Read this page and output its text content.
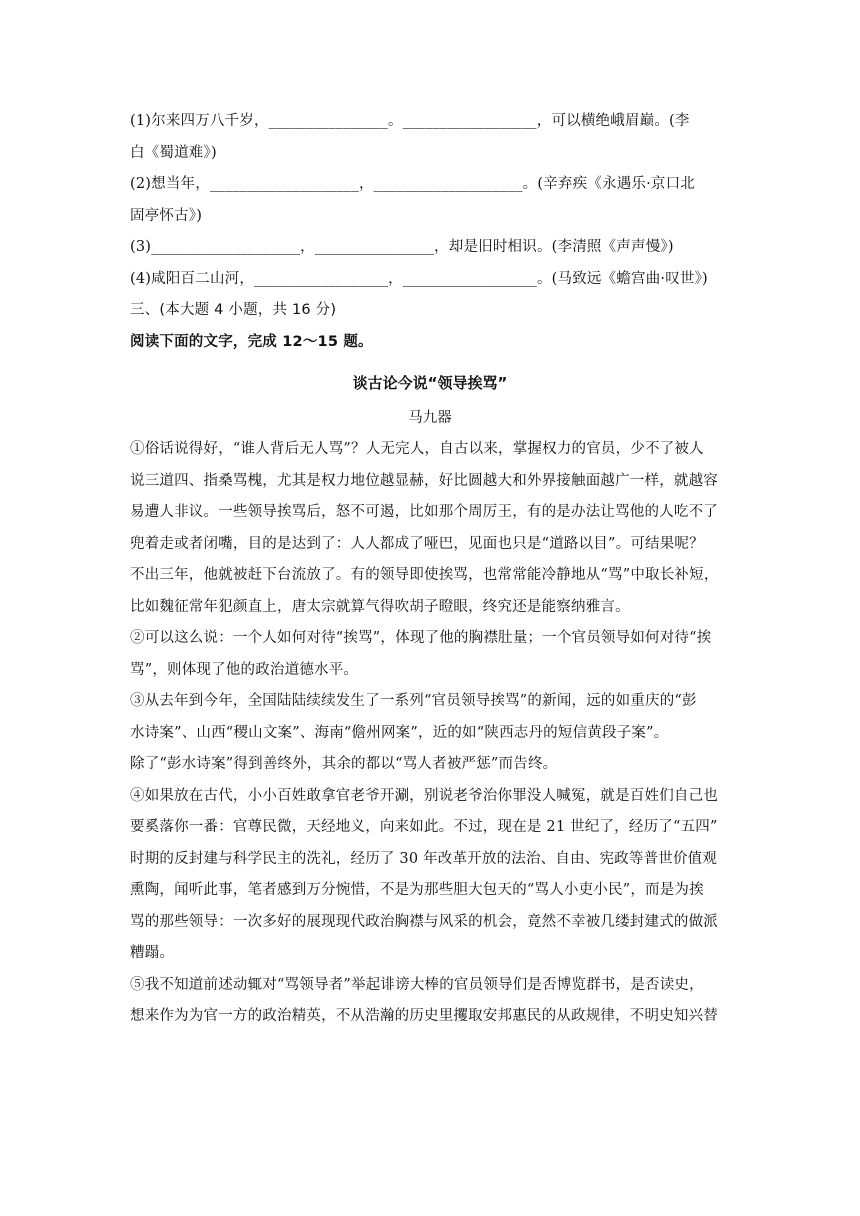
(1)尔来四万八千岁，________________。__________________，可以横绝峨眉巅。(李
白《蜀道难》)
(2)想当年，____________________，____________________。(辛弃疾《永遇乐·京口北
固亭怀古》)
(3)____________________，________________，却是旧时相识。(李清照《声声慢》)
(4)咸阳百二山河，__________________，__________________。(马致远《蟾宫曲·叹世》)
三、(本大题 4 小题，共 16 分)
阅读下面的文字，完成 12～15 题。
谈古论今说“领导挨骂”
马九器
①俗话说得好，“谁人背后无人骂”？人无完人，自古以来，掌握权力的官员，少不了被人
说三道四、指桑骂槐，尤其是权力地位越显赫，好比圆越大和外界接触面越广一样，就越容
易遭人非议。一些领导挨骂后，怒不可遏，比如那个周厉王，有的是办法让骂他的人吃不了
兜着走或者闭嘴，目的是达到了：人人都成了哑巴，见面也只是“道路以目”。可结果呢？
不出三年，他就被赶下台流放了。有的领导即使挨骂，也常常能冷静地从“骂”中取长补短，
比如魏征常年犯颜直上，唐太宗就算气得吹胡子瞪眼，终究还是能察纳雅言。
②可以这么说：一个人如何对待“挨骂”，体现了他的胸襟肚量；一个官员领导如何对待“挨
骂”，则体现了他的政治道德水平。
③从去年到今年，全国陆陆续续发生了一系列“官员领导挨骂”的新闻，远的如重庆的“彭
水诗案”、山西“稷山文案”、海南“儋州网案”，近的如“陕西志丹的短信黄段子案”。
除了“彭水诗案”得到善终外，其余的都以“骂人者被严惩”而告终。
④如果放在古代，小小百姓敢拿官老爷开涮，别说老爷治你罪没人喊冤，就是百姓们自己也
要奚落你一番：官尊民微，天经地义，向来如此。不过，现在是 21 世纪了，经历了“五四”
时期的反封建与科学民主的洗礼，经历了 30 年改革开放的法治、自由、宪政等普世价值观
熏陶，闻听此事，笔者感到万分惋惜，不是为那些胆大包天的“骂人小吏小民”，而是为挨
骂的那些领导：一次多好的展现现代政治胸襟与风采的机会，竟然不幸被几缕封建式的做派
糟蹋。
⑤我不知道前述动辄对“骂领导者”举起诽谤大棒的官员领导们是否博览群书，是否读史，
想来作为为官一方的政治精英，不从浩瀚的历史里攫取安邦惠民的从政规律，不明史知兴替
